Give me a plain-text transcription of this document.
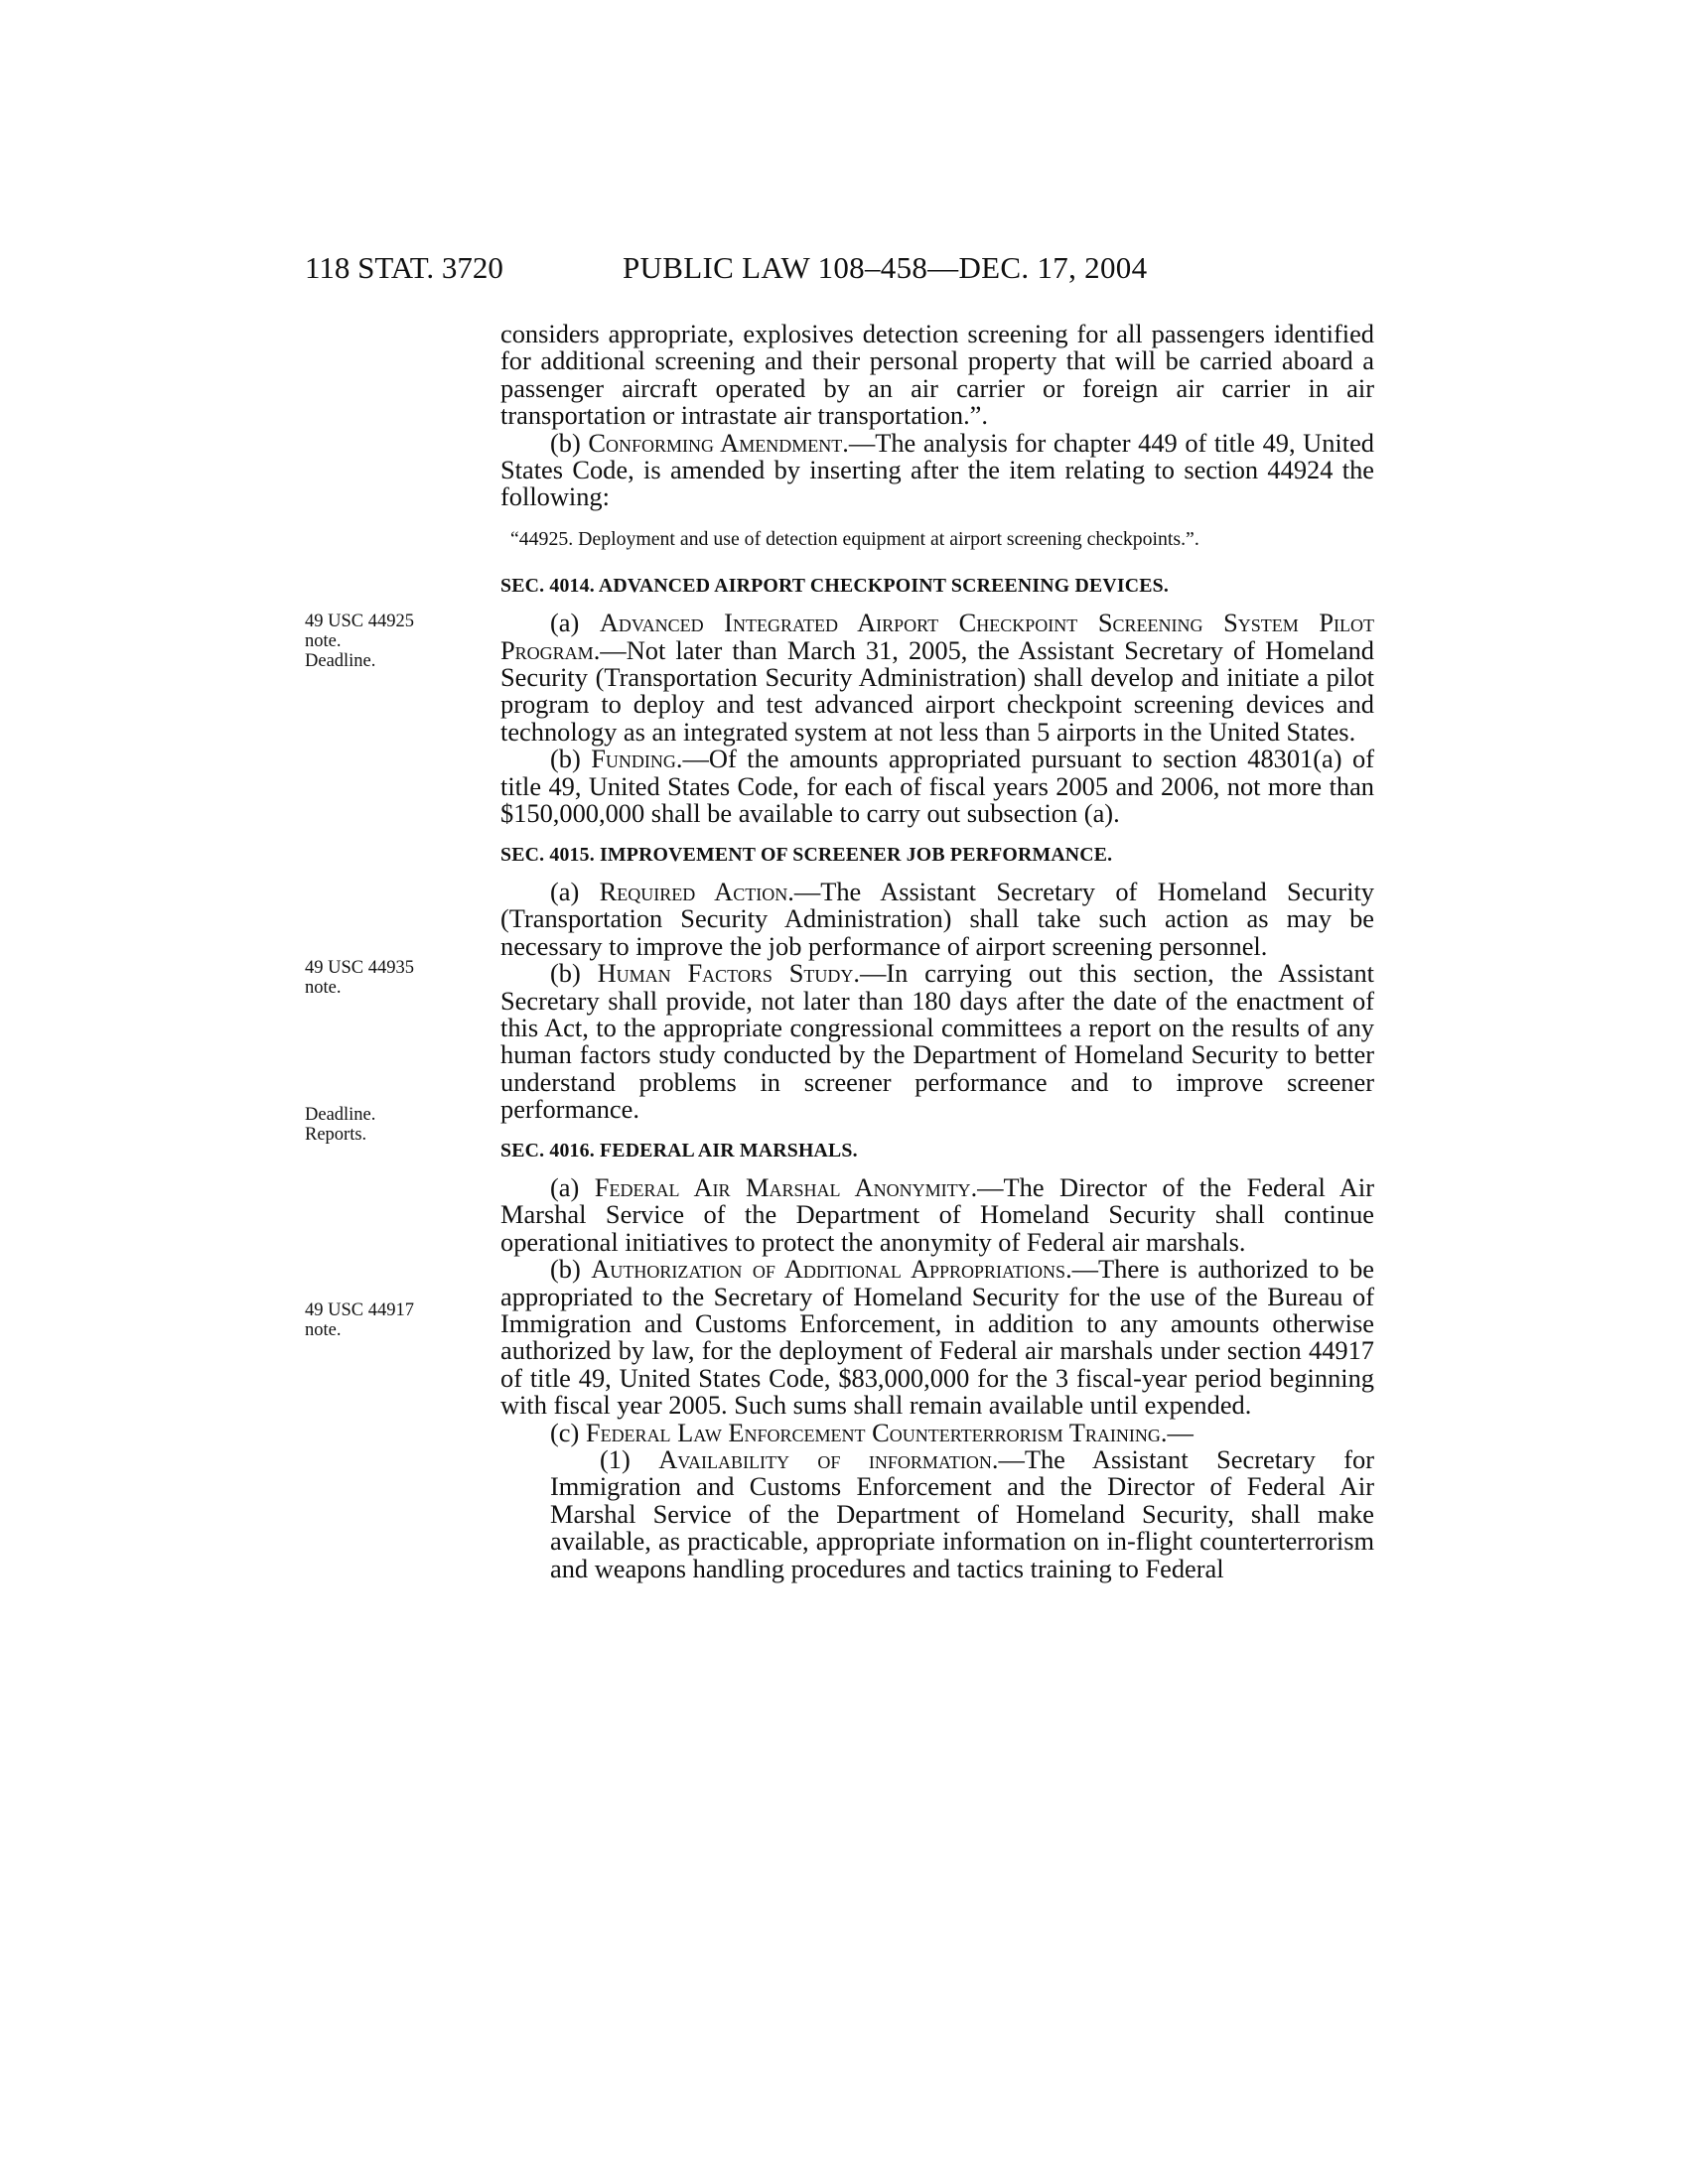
118 STAT. 3720	PUBLIC LAW 108–458—DEC. 17, 2004
49 USC 44925
note.
Deadline.
49 USC 44935
note.
Deadline.
Reports.
49 USC 44917
note.

considers appropriate, explosives detection screening for all passengers identified for additional screening and their personal property that will be carried aboard a passenger aircraft operated by an air carrier or foreign air carrier in air transportation or intrastate air transportation.”.

(b) Conforming Amendment.—The analysis for chapter 449 of title 49, United States Code, is amended by inserting after the item relating to section 44924 the following:

“44925. Deployment and use of detection equipment at airport screening checkpoints.”.

SEC. 4014. ADVANCED AIRPORT CHECKPOINT SCREENING DEVICES.

(a) Advanced Integrated Airport Checkpoint Screening System Pilot Program.—Not later than March 31, 2005, the Assistant Secretary of Homeland Security (Transportation Security Administration) shall develop and initiate a pilot program to deploy and test advanced airport checkpoint screening devices and technology as an integrated system at not less than 5 airports in the United States.

(b) Funding.—Of the amounts appropriated pursuant to section 48301(a) of title 49, United States Code, for each of fiscal years 2005 and 2006, not more than $150,000,000 shall be available to carry out subsection (a).

SEC. 4015. IMPROVEMENT OF SCREENER JOB PERFORMANCE.

(a) Required Action.—The Assistant Secretary of Homeland Security (Transportation Security Administration) shall take such action as may be necessary to improve the job performance of airport screening personnel.

(b) Human Factors Study.—In carrying out this section, the Assistant Secretary shall provide, not later than 180 days after the date of the enactment of this Act, to the appropriate congressional committees a report on the results of any human factors study conducted by the Department of Homeland Security to better understand problems in screener performance and to improve screener performance.

SEC. 4016. FEDERAL AIR MARSHALS.

(a) Federal Air Marshal Anonymity.—The Director of the Federal Air Marshal Service of the Department of Homeland Security shall continue operational initiatives to protect the anonymity of Federal air marshals.

(b) Authorization of Additional Appropriations.—There is authorized to be appropriated to the Secretary of Homeland Security for the use of the Bureau of Immigration and Customs Enforcement, in addition to any amounts otherwise authorized by law, for the deployment of Federal air marshals under section 44917 of title 49, United States Code, $83,000,000 for the 3 fiscal-year period beginning with fiscal year 2005. Such sums shall remain available until expended.

(c) Federal Law Enforcement Counterterrorism Training.—

(1) Availability of information.—The Assistant Secretary for Immigration and Customs Enforcement and the Director of Federal Air Marshal Service of the Department of Homeland Security, shall make available, as practicable, appropriate information on in-flight counterterrorism and weapons handling procedures and tactics training to Federal
